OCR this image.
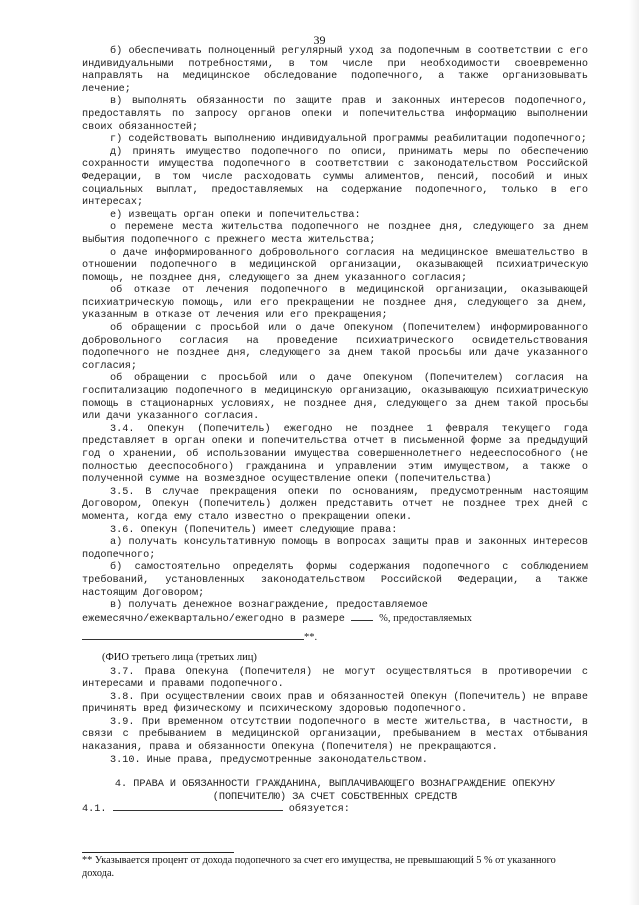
39

б) обеспечивать полноценный регулярный уход за подопечным в соответствии с его индивидуальными потребностями, в том числе при необходимости своевременно направлять на медицинское обследование подопечного, а также организовывать лечение;

в) выполнять обязанности по защите прав и законных интересов подопечного, предоставлять по запросу органов опеки и попечительства информацию выполнении своих обязанностей;

г) содействовать выполнению индивидуальной программы реабилитации подопечного;

д) принять имущество подопечного по описи, принимать меры по обеспечению сохранности имущества подопечного в соответствии с законодательством Российской Федерации, в том числе расходовать суммы алиментов, пенсий, пособий и иных социальных выплат, предоставляемых на содержание подопечного, только в его интересах;

е) извещать орган опеки и попечительства:

о перемене места жительства подопечного не позднее дня, следующего за днем выбытия подопечного с прежнего места жительства;

о даче информированного добровольного согласия на медицинское вмешательство в отношении подопечного в медицинской организации, оказывающей психиатрическую помощь, не позднее дня, следующего за днем указанного согласия;

об отказе от лечения подопечного в медицинской организации, оказывающей психиатрическую помощь, или его прекращении не позднее дня, следующего за днем, указанным в отказе от лечения или его прекращения;

об обращении с просьбой или о даче Опекуном (Попечителем) информированного добровольного согласия на проведение психиатрического освидетельствования подопечного не позднее дня, следующего за днем такой просьбы или даче указанного согласия;

об обращении с просьбой или о даче Опекуном (Попечителем) согласия на госпитализацию подопечного в медицинскую организацию, оказывающую психиатрическую помощь в стационарных условиях, не позднее дня, следующего за днем такой просьбы или дачи указанного согласия.

3.4. Опекун (Попечитель) ежегодно не позднее 1 февраля текущего года представляет в орган опеки и попечительства отчет в письменной форме за предыдущий год о хранении, об использовании имущества совершеннолетнего недееспособного (не полностью дееспособного) гражданина и управлении этим имуществом, а также о полученной сумме на возмездное осуществление опеки (попечительства)

3.5. В случае прекращения опеки по основаниям, предусмотренным настоящим Договором, Опекун (Попечитель) должен представить отчет не позднее трех дней с момента, когда ему стало известно о прекращении опеки.

3.6. Опекун (Попечитель) имеет следующие права:

а) получать консультативную помощь в вопросах защиты прав и законных интересов подопечного;

б) самостоятельно определять формы содержания подопечного с соблюдением требований, установленных законодательством Российской Федерации, а также настоящим Договором;

в) получать денежное вознаграждение, предоставляемое

ежемесячно/ежеквартально/ежегодно в размере	%, предоставляемых

**.

(ФИО третьего лица (третьих лиц)

3.7. Права Опекуна (Попечителя) не могут осуществляться в противоречии с интересами и правами подопечного.

3.8. При осуществлении своих прав и обязанностей Опекун (Попечитель) не вправе причинять вред физическому и психическому здоровью подопечного.

3.9. При временном отсутствии подопечного в месте жительства, в частности, в связи с пребыванием в медицинской организации, пребыванием в местах отбывания наказания, права и обязанности Опекуна (Попечителя) не прекращаются.

3.10. Иные права, предусмотренные законодательством.

4. ПРАВА И ОБЯЗАННОСТИ ГРАЖДАНИНА, ВЫПЛАЧИВАЮЩЕГО ВОЗНАГРАЖДЕНИЕ ОПЕКУНУ (ПОПЕЧИТЕЛЮ) ЗА СЧЕТ СОБСТВЕННЫХ СРЕДСТВ

4.1.	обязуется:

** Указывается процент от дохода подопечного за счет его имущества, не превышающий 5 % от указанного дохода.
